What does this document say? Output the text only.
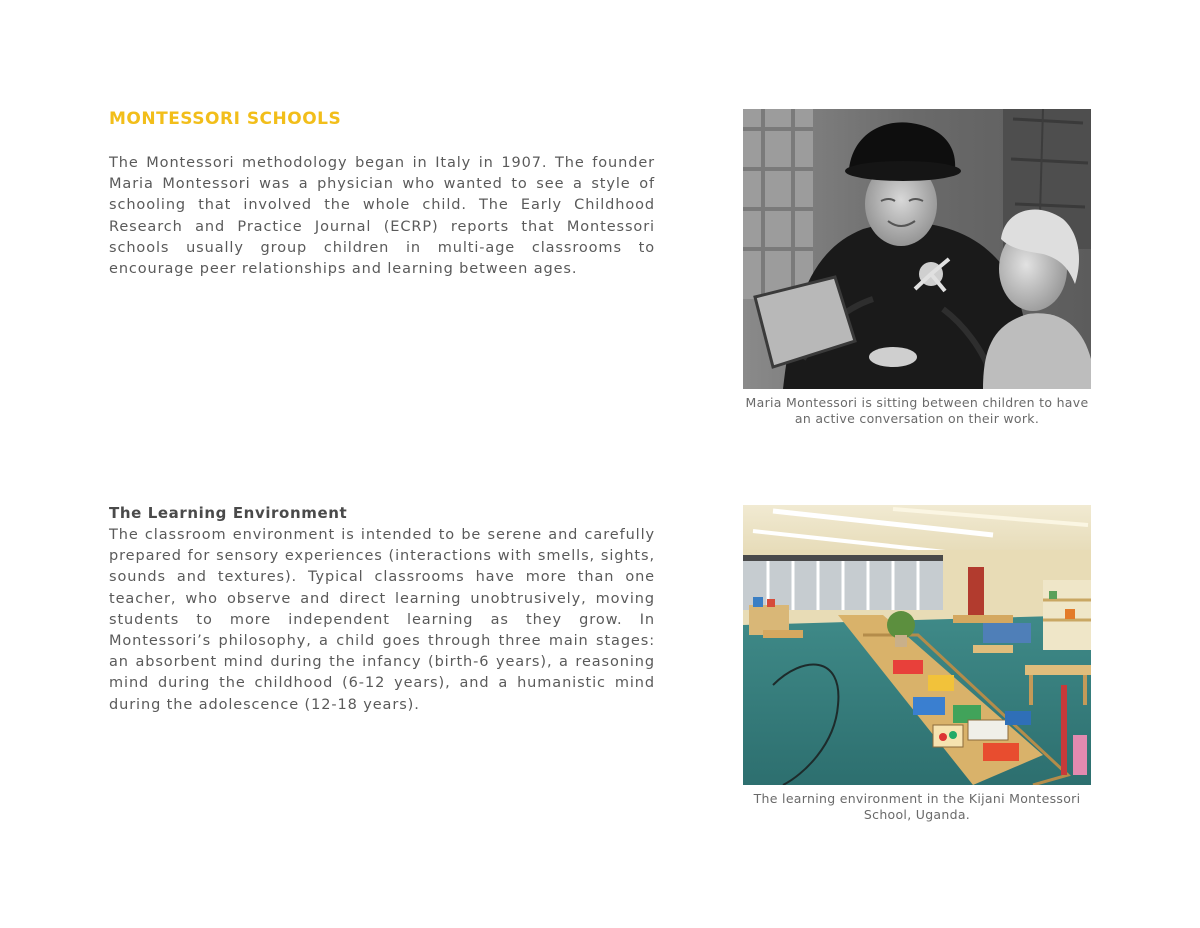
MONTESSORI SCHOOLS

The Montessori methodology began in Italy in 1907. The founder Maria Montessori was a physician who wanted to see a style of schooling that involved the whole child. The Early Childhood Research and Practice Journal (ECRP) reports that Montessori schools usually group children in multi-age classrooms to encourage peer relationships and learning between ages.

The Learning Environment

The classroom environment is intended to be serene and carefully prepared for sensory experiences (interactions with smells, sights, sounds and textures). Typical classrooms have more than one teacher, who observe and direct learning unobtrusively, moving students to more independent learning as they grow. In Montessori’s philosophy, a child goes through three main stages: an absorbent mind during the infancy (birth-6 years), a reasoning mind during the childhood (6-12 years), and a humanistic mind during the adolescence (12-18 years).

Maria Montessori is sitting between children to have an active conversation on their work.

The learning environment in the Kijani Montessori School, Uganda.
